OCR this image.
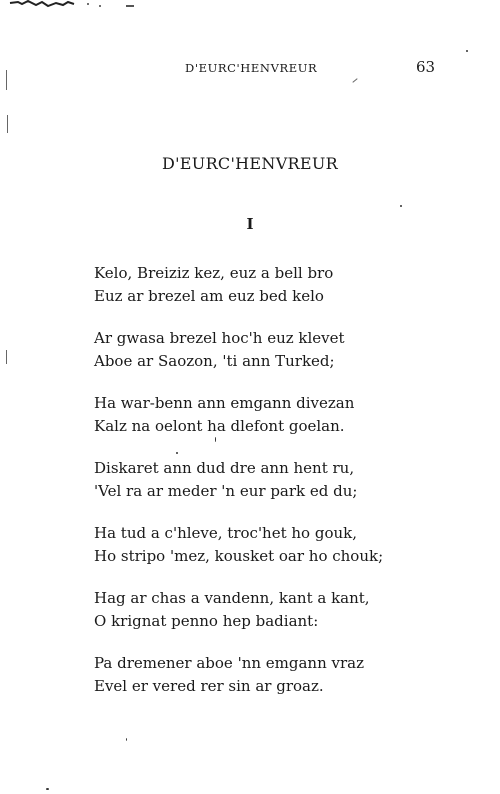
D'EURC'HENVREUR	63
D'EURC'HENVREUR
I
Kelo, Breiziz kez, euz a bell bro
Euz ar brezel am euz bed kelo
Ar gwasa brezel hoc'h euz klevet
Aboe ar Saozon, 'ti ann Turked;
Ha war-benn ann emgann divezan
Kalz na oelont ha dlefont goelan.
Diskaret ann dud dre ann hent ru,
'Vel ra ar meder 'n eur park ed du;
Ha tud a c'hleve, troc'het ho gouk,
Ho stripo 'mez, kousket oar ho chouk;
Hag ar chas a vandenn, kant a kant,
O krignat penno hep badiant:
Pa dremener aboe 'nn emgann vraz
Evel er vered rer sin ar groaz.
